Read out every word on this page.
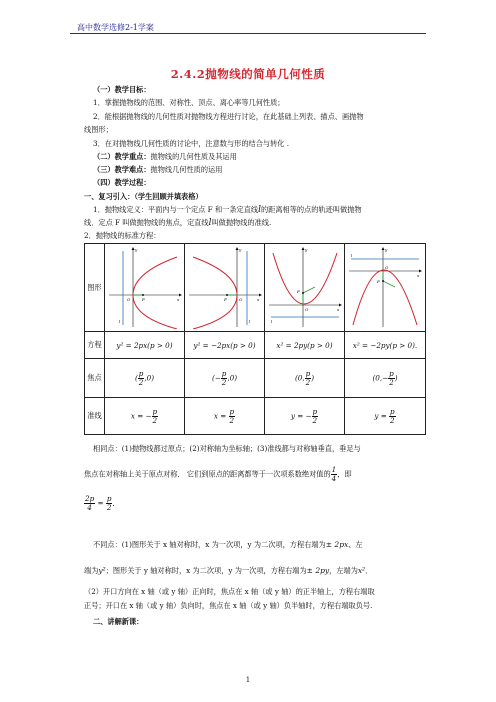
高中数学选修2-1学案
2.4.2抛物线的简单几何性质
（一）教学目标：
1．掌握抛物线的范围、对称性、顶点、离心率等几何性质；
2．能根据抛物线的几何性质对抛物线方程进行讨论，在此基础上列表、描点、画抛物
线图形；
3．在对抛物线几何性质的讨论中，注意数与形的结合与转化 .
（二）教学重点：抛物线的几何性质及其运用
（三）教学难点：抛物线几何性质的运用
（四）教学过程：
一、复习引入：（学生回顾并填表格）
1．抛物线定义：平面内与一个定点 F 和一条定直线l的距离相等的点的轨迹叫做抛物
线．定点 F 叫做抛物线的焦点，定直线l叫做抛物线的准线.
2．抛物线的标准方程：
图形	O F x
y
l	O
F x
y
l	F
O x
y
l	F
O
x
y
l

方程	y² = 2px(p > 0)	y² = −2px(p > 0)	x² = 2py(p > 0)	x² = −2py(p > 0).
焦点	( $\frac{p}{2} ,0$)	(− $\frac{p}{2} ,0$)	(0, $\frac{p}{2}$ )	($0,- \frac{p}{2}$ )
准线	x = − $\frac{p}{2}$	$x = \frac{p}{2}$	y = − $\frac{p}{2}$	$y = \frac{p}{2}$
相同点：(1)抛物线都过原点；(2)对称轴为坐标轴；(3)准线都与对称轴垂直，垂足与
焦点在对称轴上关于原点对称． 它们到原点的距离都等于一次项系数绝对值的 $\frac{1}{4}$ ，即
$\frac{2p}{4} = \frac{p}{2}$ ．
不同点：(1)图形关于 x 轴对称时，x 为一次项，y 为二次项，方程右端为± 2px、左
端为y²；图形关于 y 轴对称时，x 为二次项，y 为一次项，方程右端为± 2py，左端为x²．
（2）开口方向在 x 轴（或 y 轴）正向时，焦点在 x 轴（或 y 轴）的正半轴上，方程右端取
正号；开口在 x 轴（或 y 轴）负向时，焦点在 x 轴（或 y 轴）负半轴时，方程右端取负号.
二、讲解新课：
1
